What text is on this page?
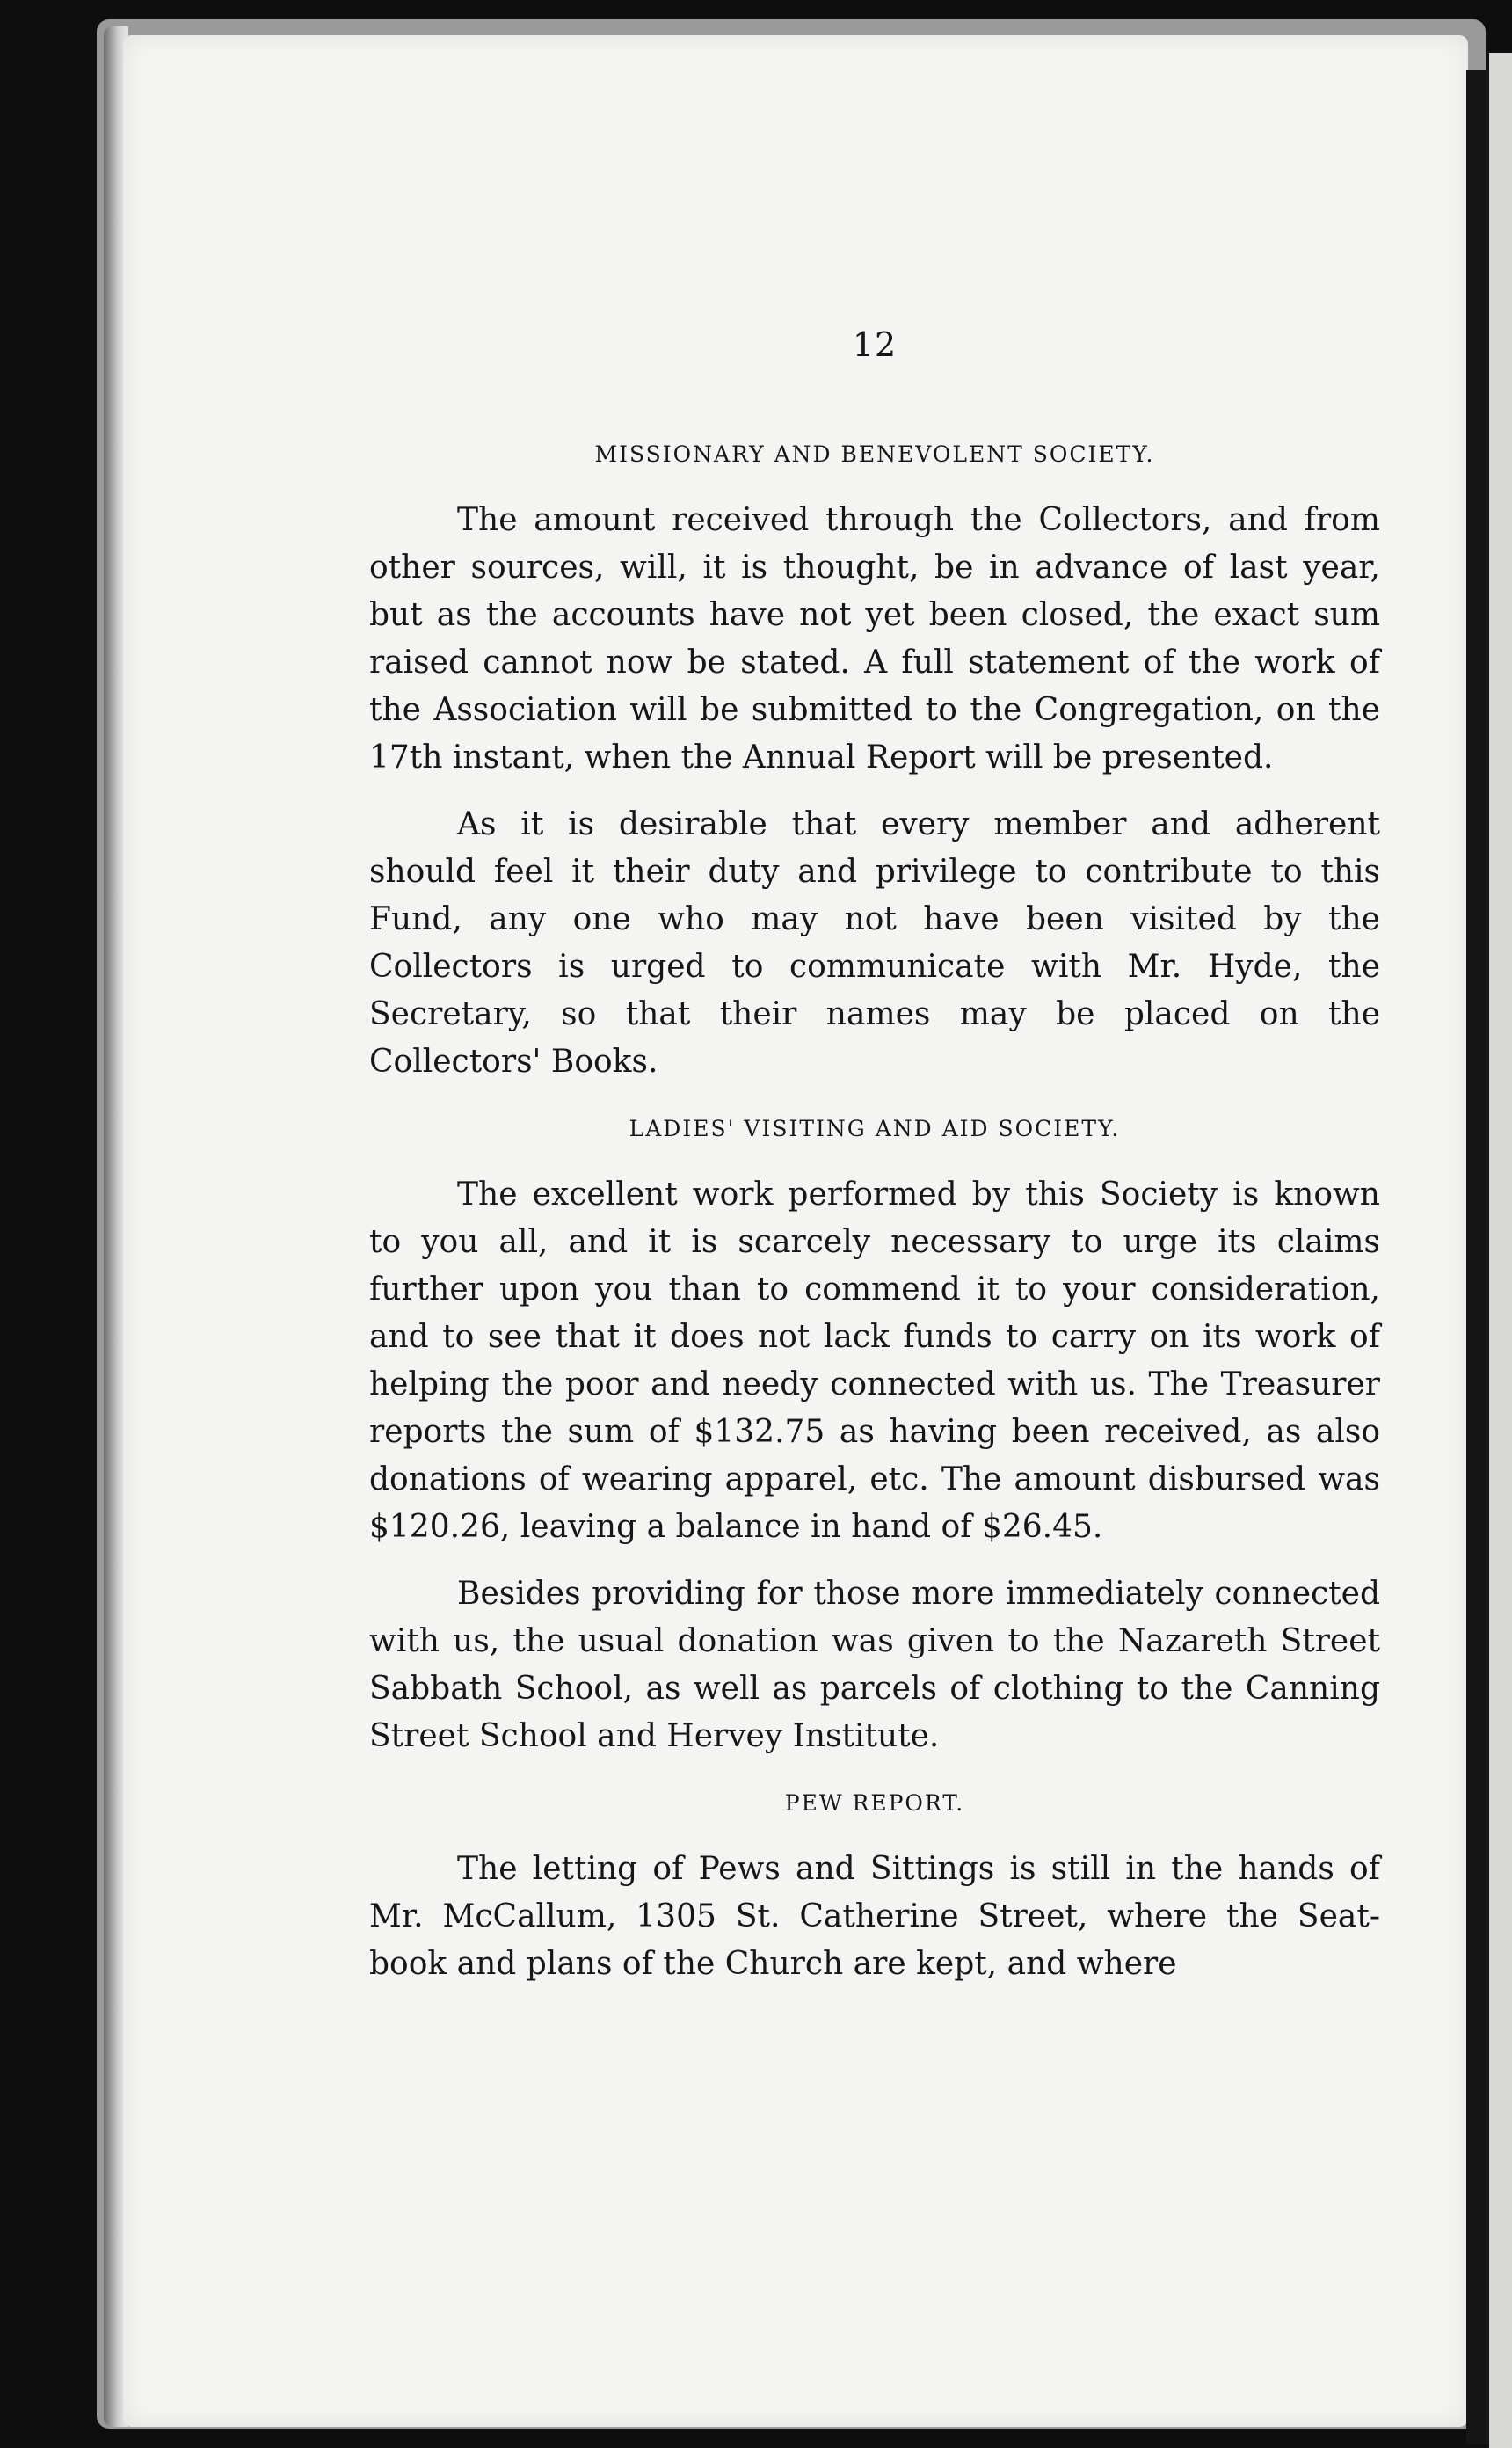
12
MISSIONARY AND BENEVOLENT SOCIETY.

The amount received through the Collectors, and from other sources, will, it is thought, be in advance of last year, but as the accounts have not yet been closed, the exact sum raised cannot now be stated. A full statement of the work of the Association will be submitted to the Congregation, on the 17th instant, when the Annual Report will be presented.

As it is desirable that every member and adherent should feel it their duty and privilege to contribute to this Fund, any one who may not have been visited by the Collectors is urged to communicate with Mr. Hyde, the Secretary, so that their names may be placed on the Collectors' Books.

LADIES' VISITING AND AID SOCIETY.

The excellent work performed by this Society is known to you all, and it is scarcely necessary to urge its claims further upon you than to commend it to your consideration, and to see that it does not lack funds to carry on its work of helping the poor and needy connected with us. The Treasurer reports the sum of $132.75 as having been received, as also donations of wearing apparel, etc. The amount disbursed was $120.26, leaving a balance in hand of $26.45.

Besides providing for those more immediately connected with us, the usual donation was given to the Nazareth Street Sabbath School, as well as parcels of clothing to the Canning Street School and Hervey Institute.

PEW REPORT.

The letting of Pews and Sittings is still in the hands of Mr. McCallum, 1305 St. Catherine Street, where the Seat-book and plans of the Church are kept, and where
